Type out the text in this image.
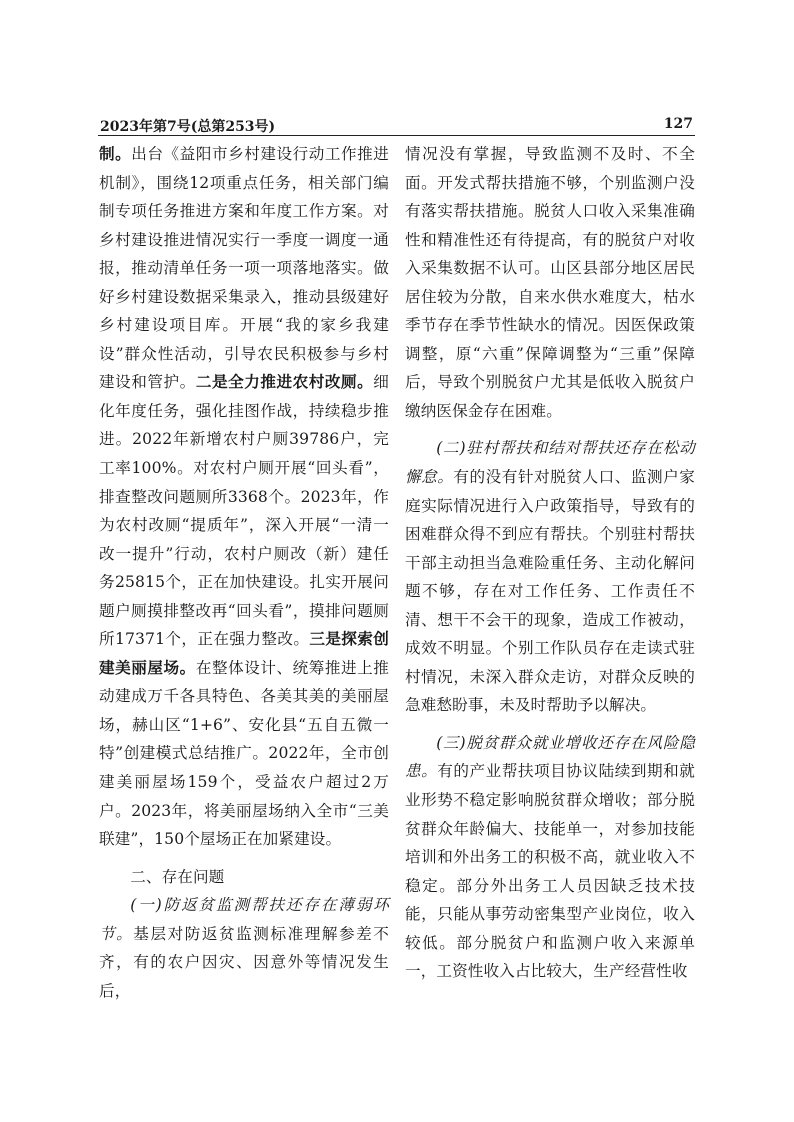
2023年第7号(总第253号)	127

制。出台《益阳市乡村建设行动工作推进机制》，围绕12项重点任务，相关部门编制专项任务推进方案和年度工作方案。对乡村建设推进情况实行一季度一调度一通报，推动清单任务一项一项落地落实。做好乡村建设数据采集录入，推动县级建好乡村建设项目库。开展“我的家乡我建设”群众性活动，引导农民积极参与乡村建设和管护。二是全力推进农村改厕。细化年度任务，强化挂图作战，持续稳步推进。2022年新增农村户厕39786户，完工率100%。对农村户厕开展“回头看”，排查整改问题厕所3368个。2023年，作为农村改厕“提质年”，深入开展“一清一改一提升”行动，农村户厕改（新）建任务25815个，正在加快建设。扎实开展问题户厕摸排整改再“回头看”，摸排问题厕所17371个，正在强力整改。三是探索创建美丽屋场。在整体设计、统筹推进上推动建成万千各具特色、各美其美的美丽屋场，赫山区“1+6”、安化县“五自五微一特”创建模式总结推广。2022年，全市创建美丽屋场159个，受益农户超过2万户。2023年，将美丽屋场纳入全市“三美联建”，150个屋场正在加紧建设。

二、存在问题

(一)防返贫监测帮扶还存在薄弱环节。基层对防返贫监测标准理解参差不齐，有的农户因灾、因意外等情况发生后，

情况没有掌握，导致监测不及时、不全面。开发式帮扶措施不够，个别监测户没有落实帮扶措施。脱贫人口收入采集准确性和精准性还有待提高，有的脱贫户对收入采集数据不认可。山区县部分地区居民居住较为分散，自来水供水难度大，枯水季节存在季节性缺水的情况。因医保政策调整，原“六重”保障调整为“三重”保障后，导致个别脱贫户尤其是低收入脱贫户缴纳医保金存在困难。

(二)驻村帮扶和结对帮扶还存在松动懈怠。有的没有针对脱贫人口、监测户家庭实际情况进行入户政策指导，导致有的困难群众得不到应有帮扶。个别驻村帮扶干部主动担当急难险重任务、主动化解问题不够，存在对工作任务、工作责任不清、想干不会干的现象，造成工作被动，成效不明显。个别工作队员存在走读式驻村情况，未深入群众走访，对群众反映的急难愁盼事，未及时帮助予以解决。

(三)脱贫群众就业增收还存在风险隐患。有的产业帮扶项目协议陆续到期和就业形势不稳定影响脱贫群众增收；部分脱贫群众年龄偏大、技能单一，对参加技能培训和外出务工的积极不高，就业收入不稳定。部分外出务工人员因缺乏技术技能，只能从事劳动密集型产业岗位，收入较低。部分脱贫户和监测户收入来源单一，工资性收入占比较大，生产经营性收
